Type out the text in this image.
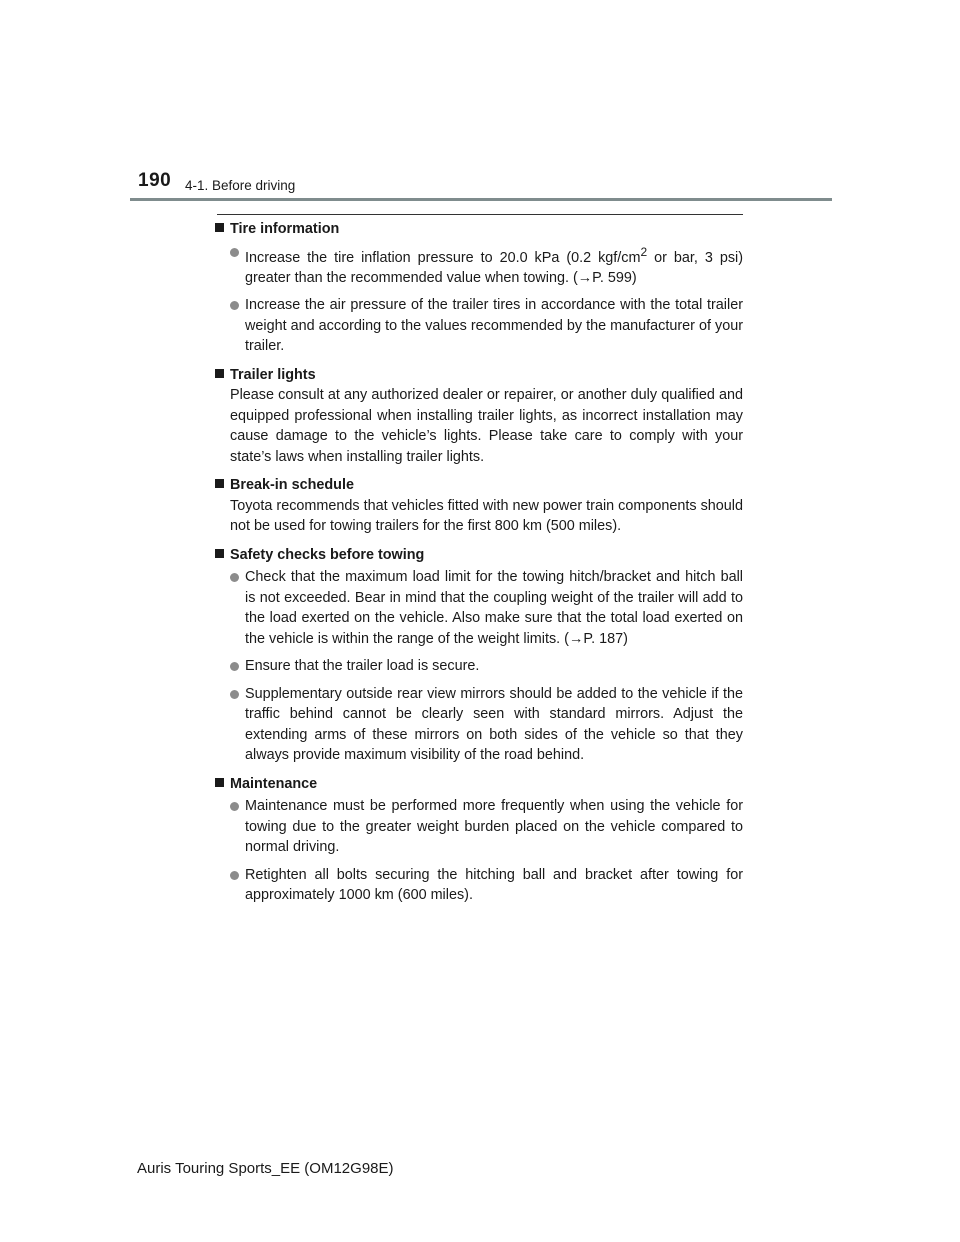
190 4-1. Before driving
Tire information
Increase the tire inflation pressure to 20.0 kPa (0.2 kgf/$cm^2$ or bar, 3 psi) greater than the recommended value when towing. (→P. 599)
Increase the air pressure of the trailer tires in accordance with the total trailer weight and according to the values recommended by the manufacturer of your trailer.
Trailer lights
Please consult at any authorized dealer or repairer, or another duly qualified and equipped professional when installing trailer lights, as incorrect installation may cause damage to the vehicle’s lights. Please take care to comply with your state’s laws when installing trailer lights.
Break-in schedule
Toyota recommends that vehicles fitted with new power train components should not be used for towing trailers for the first 800 km (500 miles).
Safety checks before towing
Check that the maximum load limit for the towing hitch/bracket and hitch ball is not exceeded. Bear in mind that the coupling weight of the trailer will add to the load exerted on the vehicle. Also make sure that the total load exerted on the vehicle is within the range of the weight limits. (→P. 187)
Ensure that the trailer load is secure.
Supplementary outside rear view mirrors should be added to the vehicle if the traffic behind cannot be clearly seen with standard mirrors. Adjust the extending arms of these mirrors on both sides of the vehicle so that they always provide maximum visibility of the road behind.
Maintenance
Maintenance must be performed more frequently when using the vehicle for towing due to the greater weight burden placed on the vehicle compared to normal driving.
Retighten all bolts securing the hitching ball and bracket after towing for approximately 1000 km (600 miles).
Auris Touring Sports_EE (OM12G98E)
